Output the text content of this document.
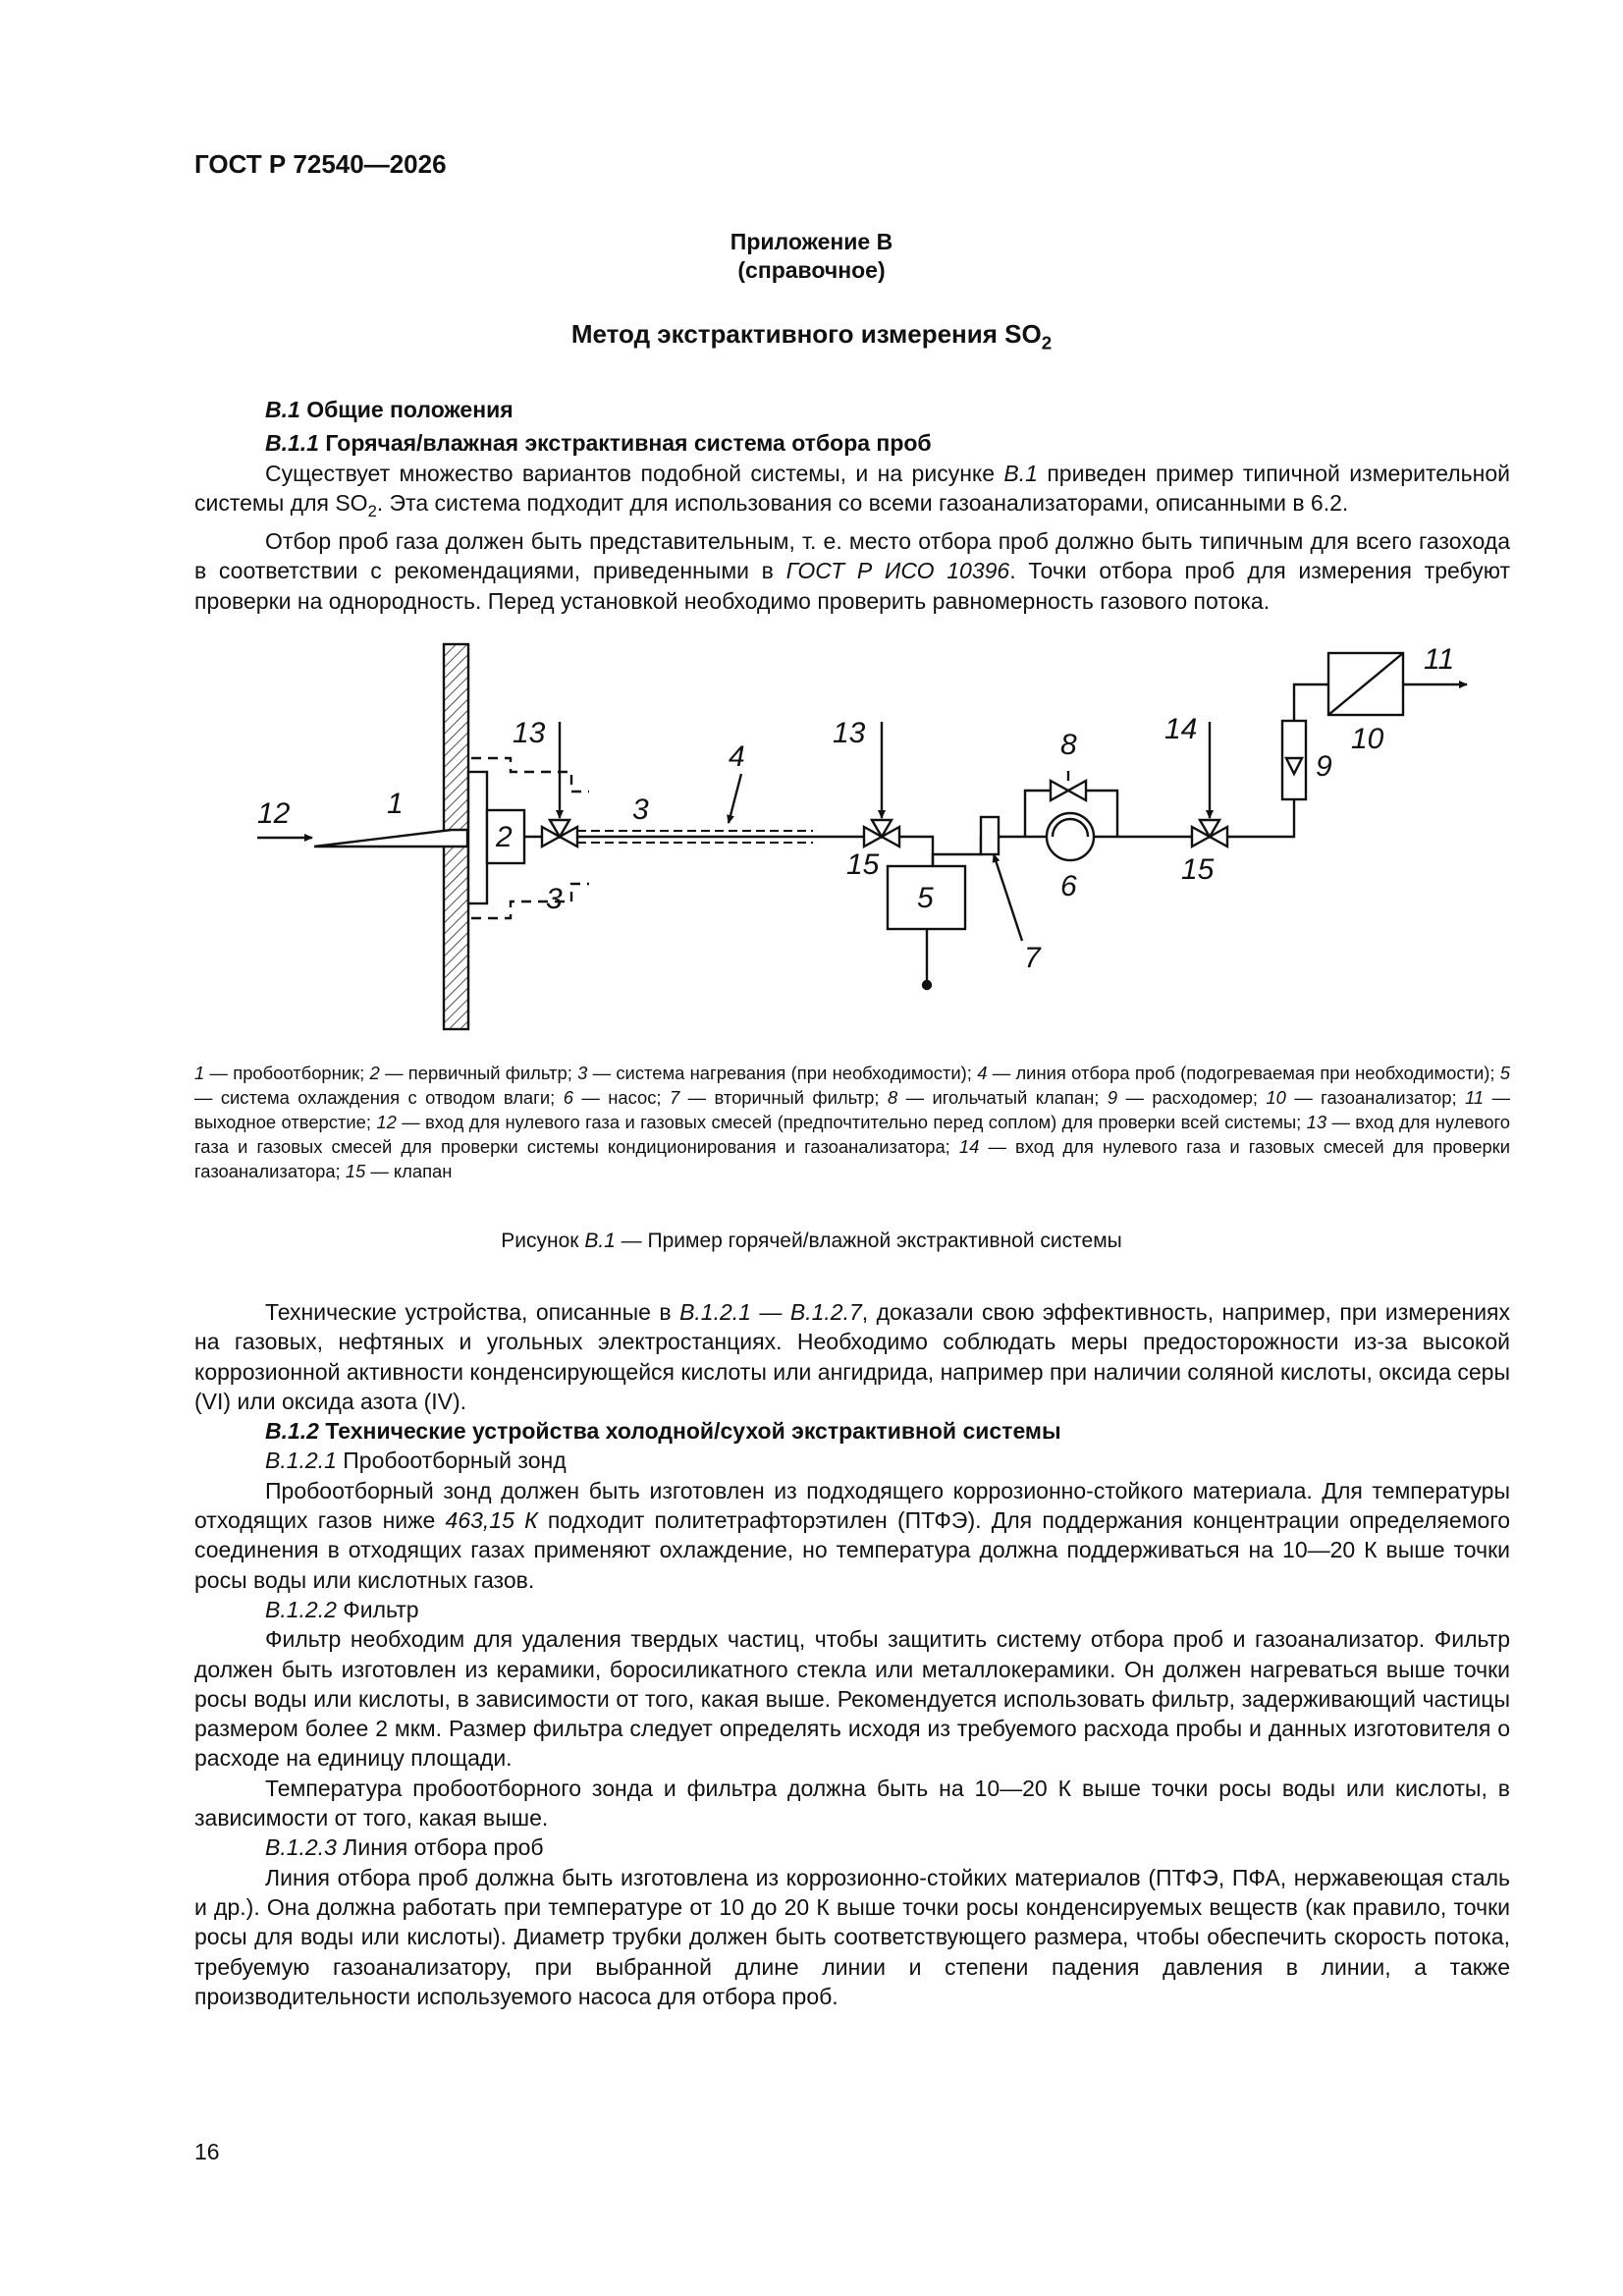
ГОСТ Р 72540—2026
Приложение В
(справочное)
Метод экстрактивного измерения $SO_2$

В.1 Общие положения

В.1.1 Горячая/влажная экстрактивная система отбора проб

Существует множество вариантов подобной системы, и на рисунке В.1 приведен пример типичной измерительной системы для $SO_2$. Эта система подходит для использования со всеми газоанализаторами, описанными в 6.2.

Отбор проб газа должен быть представительным, т. е. место отбора проб должно быть типичным для всего газохода в соответствии с рекомендациями, приведенными в ГОСТ Р ИСО 10396. Точки отбора проб для измерения требуют проверки на однородность. Перед установкой необходимо проверить равномерность газового потока.

12	1
2
13
3
3
4
13
15
5
7
8
6
14
15
9
10
11

1 — пробоотборник; 2 — первичный фильтр; 3 — система нагревания (при необходимости); 4 — линия отбора проб (подогреваемая при необходимости); 5 — система охлаждения с отводом влаги; 6 — насос; 7 — вторичный фильтр; 8 — игольчатый клапан; 9 — расходомер; 10 — газоанализатор; 11 — выходное отверстие; 12 — вход для нулевого газа и газовых смесей (предпочтительно перед соплом) для проверки всей системы; 13 — вход для нулевого газа и газовых смесей для проверки системы кондиционирования и газоанализатора; 14 — вход для нулевого газа и газовых смесей для проверки газоанализатора; 15 — клапан

Рисунок В.1 — Пример горячей/влажной экстрактивной системы

Технические устройства, описанные в В.1.2.1 — В.1.2.7, доказали свою эффективность, например, при измерениях на газовых, нефтяных и угольных электростанциях. Необходимо соблюдать меры предосторожности из-за высокой коррозионной активности конденсирующейся кислоты или ангидрида, например при наличии соляной кислоты, оксида серы (VI) или оксида азота (IV).

В.1.2 Технические устройства холодной/сухой экстрактивной системы

В.1.2.1 Пробоотборный зонд

Пробоотборный зонд должен быть изготовлен из подходящего коррозионно-стойкого материала. Для температуры отходящих газов ниже 463,15 К подходит политетрафторэтилен (ПТФЭ). Для поддержания концентрации определяемого соединения в отходящих газах применяют охлаждение, но температура должна поддерживаться на 10—20 К выше точки росы воды или кислотных газов.

В.1.2.2 Фильтр

Фильтр необходим для удаления твердых частиц, чтобы защитить систему отбора проб и газоанализатор. Фильтр должен быть изготовлен из керамики, боросиликатного стекла или металлокерамики. Он должен нагреваться выше точки росы воды или кислоты, в зависимости от того, какая выше. Рекомендуется использовать фильтр, задерживающий частицы размером более 2 мкм. Размер фильтра следует определять исходя из требуемого расхода пробы и данных изготовителя о расходе на единицу площади.

Температура пробоотборного зонда и фильтра должна быть на 10—20 К выше точки росы воды или кислоты, в зависимости от того, какая выше.

В.1.2.3 Линия отбора проб

Линия отбора проб должна быть изготовлена из коррозионно-стойких материалов (ПТФЭ, ПФА, нержавеющая сталь и др.). Она должна работать при температуре от 10 до 20 К выше точки росы конденсируемых веществ (как правило, точки росы для воды или кислоты). Диаметр трубки должен быть соответствующего размера, чтобы обеспечить скорость потока, требуемую газоанализатору, при выбранной длине линии и степени падения давления в линии, а также производительности используемого насоса для отбора проб.

16
